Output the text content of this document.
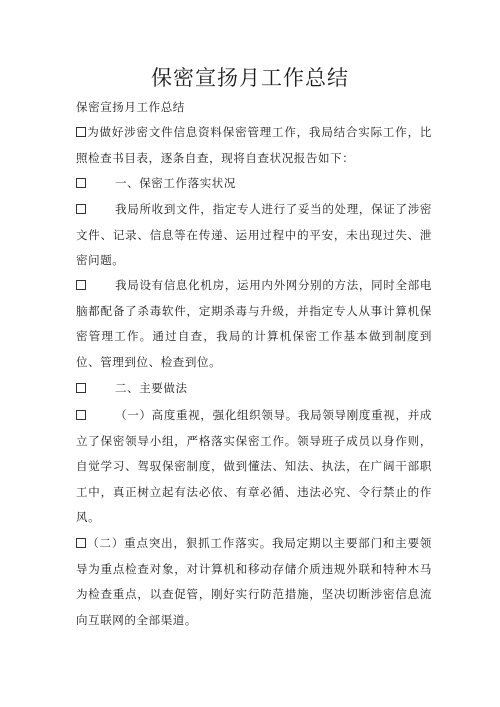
保密宣扬月工作总结
保密宣扬月工作总结
为做好涉密文件信息资料保密管理工作，我局结合实际工作，比照检查书目表，逐条自查，现将自查状况报告如下：
一、保密工作落实状况
我局所收到文件，指定专人进行了妥当的处理，保证了涉密文件、记录、信息等在传递、运用过程中的平安，未出现过失、泄密问题。
我局设有信息化机房，运用内外网分别的方法，同时全部电脑都配备了杀毒软件，定期杀毒与升级，并指定专人从事计算机保密管理工作。通过自查，我局的计算机保密工作基本做到制度到位、管理到位、检查到位。
二、主要做法
（一）高度重视，强化组织领导。我局领导刚度重视，并成立了保密领导小组，严格落实保密工作。领导班子成员以身作则，自觉学习、驾驭保密制度，做到懂法、知法、执法，在广阔干部职工中，真正树立起有法必依、有章必循、违法必究、令行禁止的作风。
（二）重点突出，狠抓工作落实。我局定期以主要部门和主要领导为重点检查对象，对计算机和移动存储介质违规外联和特种木马为检查重点，以查促管，刚好实行防范措施，坚决切断涉密信息流向互联网的全部渠道。
